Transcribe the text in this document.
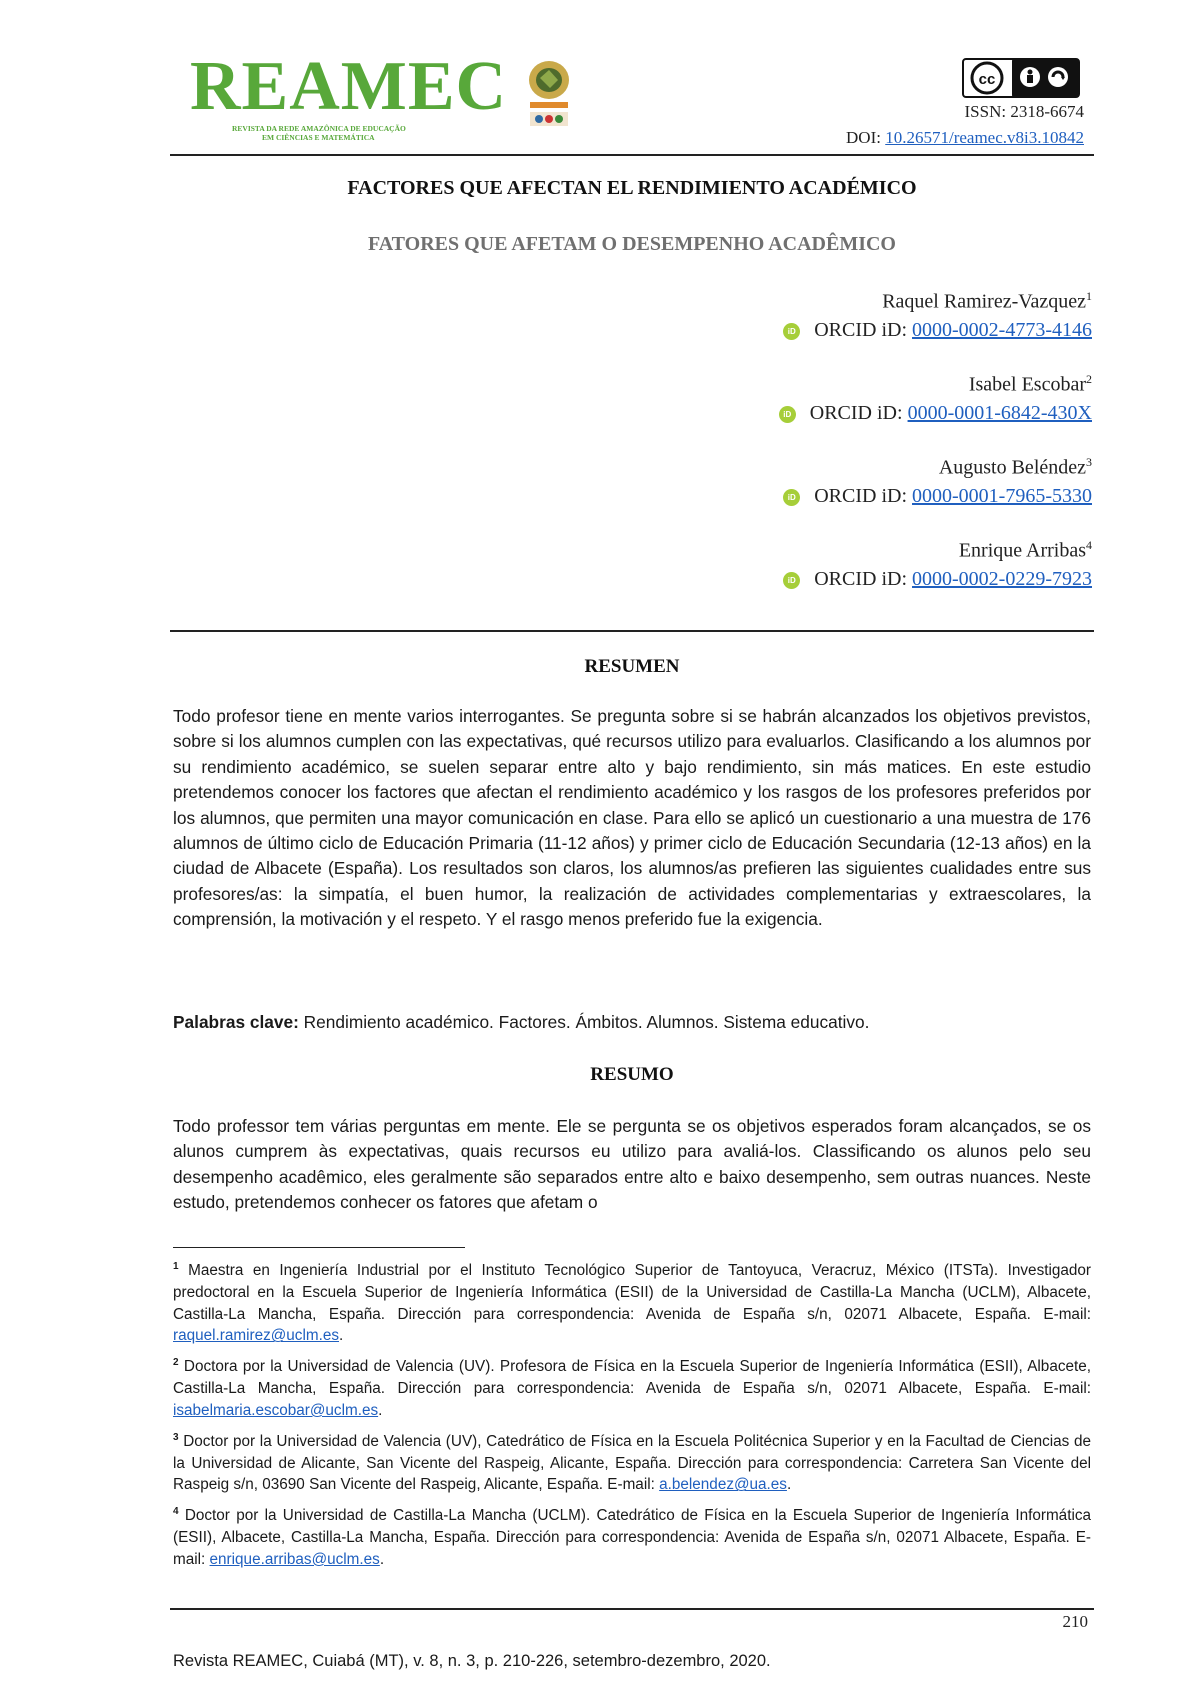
REAMEC
REVISTA DA REDE AMAZÔNICA DE EDUCAÇÃO
EM CIÊNCIAS E MATEMÁTICA
cc
ISSN: 2318-6674
DOI: 10.26571/reamec.v8i3.10842
FACTORES QUE AFECTAN EL RENDIMIENTO ACADÉMICO
FATORES QUE AFETAM O DESEMPENHO ACADÊMICO
Raquel Ramirez-Vazquez$^1$
iD ORCID iD: 0000-0002-4773-4146
Isabel Escobar$^2$
iD ORCID iD: 0000-0001-6842-430X
Augusto Beléndez$^3$
iD ORCID iD: 0000-0001-7965-5330
Enrique Arribas$^4$
iD ORCID iD: 0000-0002-0229-7923
RESUMEN
Todo profesor tiene en mente varios interrogantes. Se pregunta sobre si se habrán alcanzados los objetivos previstos, sobre si los alumnos cumplen con las expectativas, qué recursos utilizo para evaluarlos. Clasificando a los alumnos por su rendimiento académico, se suelen separar entre alto y bajo rendimiento, sin más matices. En este estudio pretendemos conocer los factores que afectan el rendimiento académico y los rasgos de los profesores preferidos por los alumnos, que permiten una mayor comunicación en clase. Para ello se aplicó un cuestionario a una muestra de 176 alumnos de último ciclo de Educación Primaria (11-12 años) y primer ciclo de Educación Secundaria (12-13 años) en la ciudad de Albacete (España). Los resultados son claros, los alumnos/as prefieren las siguientes cualidades entre sus profesores/as: la simpatía, el buen humor, la realización de actividades complementarias y extraescolares, la comprensión, la motivación y el respeto. Y el rasgo menos preferido fue la exigencia.
Palabras clave: Rendimiento académico. Factores. Ámbitos. Alumnos. Sistema educativo.
RESUMO
Todo professor tem várias perguntas em mente. Ele se pergunta se os objetivos esperados foram alcançados, se os alunos cumprem às expectativas, quais recursos eu utilizo para avaliá-los. Classificando os alunos pelo seu desempenho acadêmico, eles geralmente são separados entre alto e baixo desempenho, sem outras nuances. Neste estudo, pretendemos conhecer os fatores que afetam o

$^1$ Maestra en Ingeniería Industrial por el Instituto Tecnológico Superior de Tantoyuca, Veracruz, México (ITSTa). Investigador predoctoral en la Escuela Superior de Ingeniería Informática (ESII) de la Universidad de Castilla-La Mancha (UCLM), Albacete, Castilla-La Mancha, España. Dirección para correspondencia: Avenida de España s/n, 02071 Albacete, España. E-mail: raquel.ramirez@uclm.es.

$^2$ Doctora por la Universidad de Valencia (UV). Profesora de Física en la Escuela Superior de Ingeniería Informática (ESII), Albacete, Castilla-La Mancha, España. Dirección para correspondencia: Avenida de España s/n, 02071 Albacete, España. E-mail: isabelmaria.escobar@uclm.es.

$^3$ Doctor por la Universidad de Valencia (UV), Catedrático de Física en la Escuela Politécnica Superior y en la Facultad de Ciencias de la Universidad de Alicante, San Vicente del Raspeig, Alicante, España. Dirección para correspondencia: Carretera San Vicente del Raspeig s/n, 03690 San Vicente del Raspeig, Alicante, España. E-mail: a.belendez@ua.es.

$^4$ Doctor por la Universidad de Castilla-La Mancha (UCLM). Catedrático de Física en la Escuela Superior de Ingeniería Informática (ESII), Albacete, Castilla-La Mancha, España. Dirección para correspondencia: Avenida de España s/n, 02071 Albacete, España. E-mail: enrique.arribas@uclm.es.

210
Revista REAMEC, Cuiabá (MT), v. 8, n. 3, p. 210-226, setembro-dezembro, 2020.
